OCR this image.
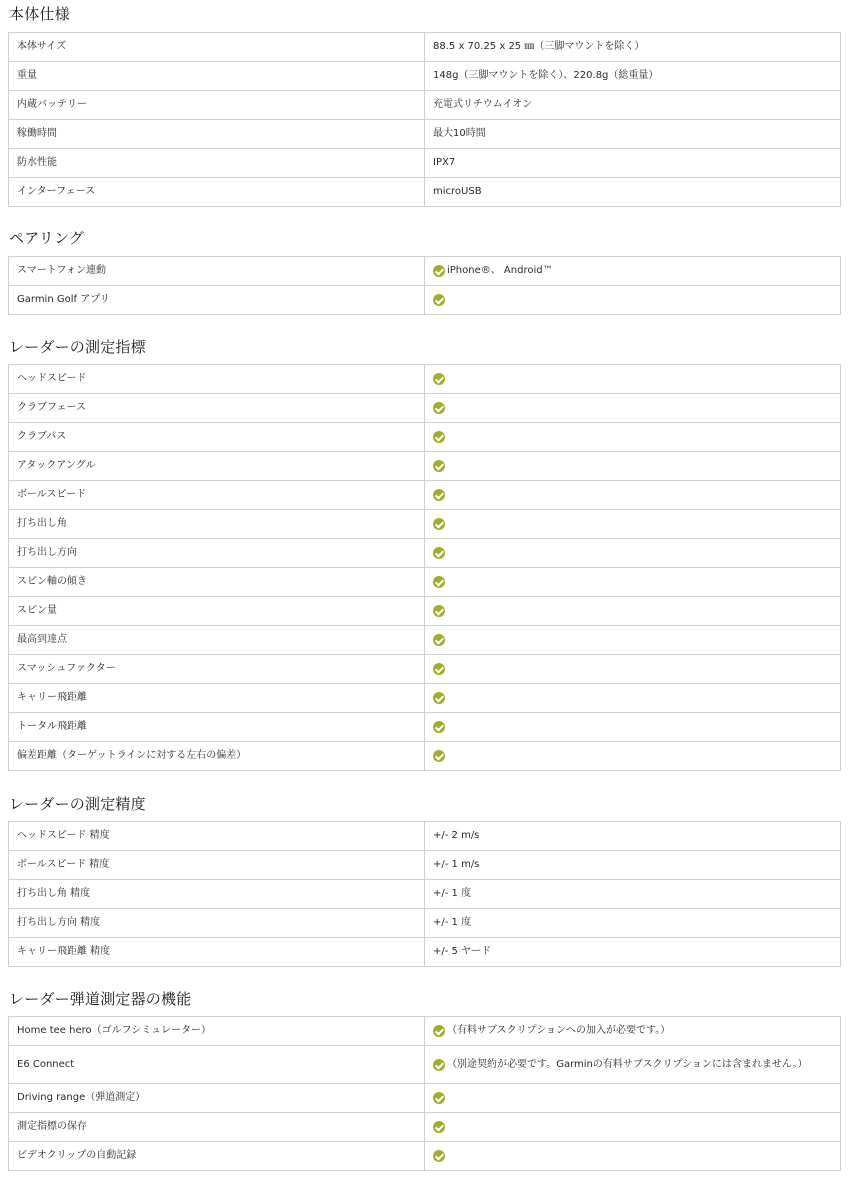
本体仕様
本体サイズ	88.5 x 70.25 x 25 ㎜（三脚マウントを除く）

重量	148g（三脚マウントを除く）、220.8g（総重量）

内蔵バッテリー	充電式リチウムイオン

稼働時間	最大10時間

防水性能	IPX7

インターフェース	microUSB
ペアリング
スマートフォン連動	iPhone®、 Android™

Garmin Golf アプリ	
レーダーの測定指標
ヘッドスピード	

クラブフェース	

クラブパス	

アタックアングル	

ボールスピード	

打ち出し角	

打ち出し方向	

スピン軸の傾き	

スピン量	

最高到達点	

スマッシュファクター	

キャリー飛距離	

トータル飛距離	

偏差距離（ターゲットラインに対する左右の偏差）	
レーダーの測定精度
ヘッドスピード 精度	+/- 2 m/s

ボールスピード 精度	+/- 1 m/s

打ち出し角 精度	+/- 1 度

打ち出し方向 精度	+/- 1 度

キャリー飛距離 精度	+/- 5 ヤード
レーダー弾道測定器の機能
Home tee hero（ゴルフシミュレーター）	（有料サブスクリプションへの加入が必要です。）

E6 Connect	（別途契約が必要です。Garminの有料サブスクリプションには含まれません。）

Driving range（弾道測定）	

測定指標の保存	

ビデオクリップの自動記録	
